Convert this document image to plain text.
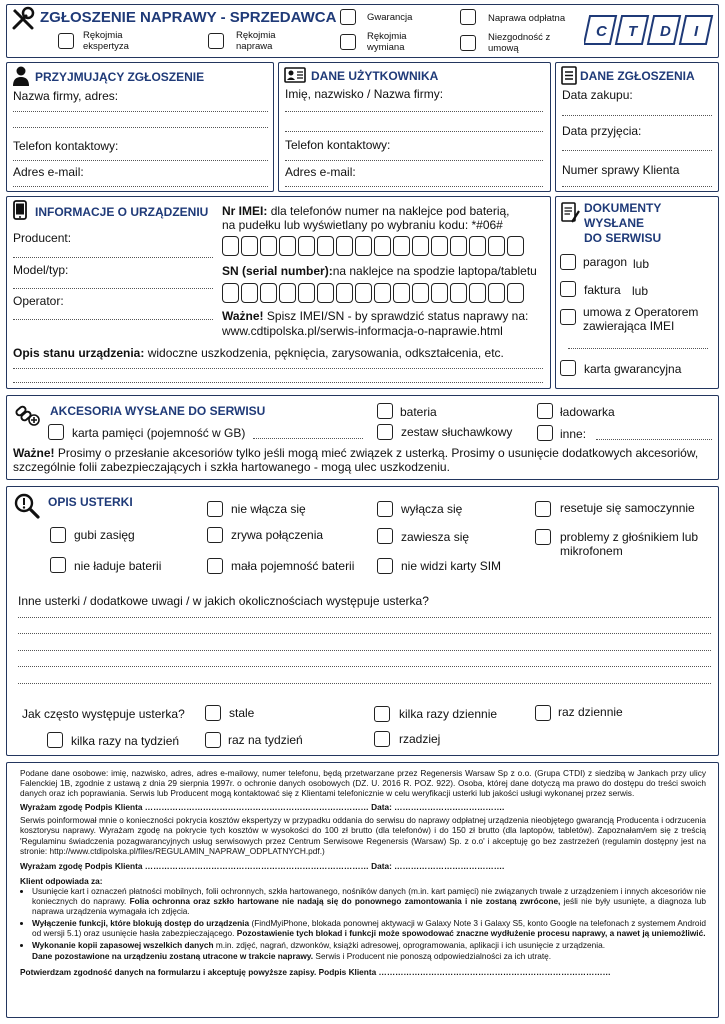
ZGŁOSZENIE NAPRAWY - SPRZEDAWCA
Rękojmia ekspertyza
Rękojmia naprawa
Gwarancja
Rękojmia wymiana
Naprawa odpłatna
Niezgodność z umową
C T D I
PRZYJMUJĄCY ZGŁOSZENIE
Nazwa firmy, adres:
Telefon kontaktowy:
Adres e-mail:
DANE UŻYTKOWNIKA
Imię, nazwisko / Nazwa firmy:
Telefon kontaktowy:
Adres e-mail:
DANE ZGŁOSZENIA
Data zakupu:
Data przyjęcia:
Numer sprawy Klienta
INFORMACJE O URZĄDZENIU
Producent:
Model/typ:
Operator:
Nr IMEI: dla telefonów numer na naklejce pod baterią,
na pudełku lub wyświetlany po wybraniu kodu: *#06#
SN (serial number):na naklejce na spodzie laptopa/tabletu
Ważne! Spisz IMEI/SN - by sprawdzić status naprawy na:
www.cdtipolska.pl/serwis-informacja-o-naprawie.html
Opis stanu urządzenia: widoczne uszkodzenia, pęknięcia, zarysowania, odkształcenia, etc.
DOKUMENTY
WYSŁANE
DO SERWISU
paragon lub
faktura lub
umowa z Operatorem zawierająca IMEI
karta gwarancyjna
AKCESORIA WYSŁANE DO SERWISU	bateria	ładowarka
karta pamięci (pojemność w GB)	zestaw słuchawkowy	inne:
Ważne! Prosimy o przesłanie akcesoriów tylko jeśli mogą mieć związek z usterką. Prosimy o usunięcie dodatkowych akcesoriów, szczególnie folii zabezpieczających i szkła hartowanego - mogą ulec uszkodzeniu.
OPIS USTERKI	nie włącza się	wyłącza się	resetuje się samoczynnie
gubi zasięg	zrywa połączenia	zawiesza się	problemy z głośnikiem lub mikrofonem
nie ładuje baterii	mała pojemność baterii	nie widzi karty SIM
Inne usterki / dodatkowe uwagi / w jakich okolicznościach występuje usterka?
Jak często występuje usterka?	stale	kilka razy dziennie	raz dziennie
kilka razy na tydzień	raz na tydzień	rzadziej

Podane dane osobowe: imię, nazwisko, adres, adres e-mailowy, numer telefonu, będą przetwarzane przez Regenersis Warsaw Sp z o.o. (Grupa CTDI) z siedzibą w Jankach przy ulicy Falenckiej 1B, zgodnie z ustawą z dnia 29 sierpnia 1997r. o ochronie danych osobowych (DZ. U. 2016 R. POZ. 922). Osoba, której dane dotyczą ma prawo do dostępu do treści swoich danych oraz ich poprawiania. Serwis lub Producent mogą kontaktować się z Klientami telefonicznie w celu weryfikacji usterki lub jakości usługi wykonanej przez serwis.

Wyrażam zgodę Podpis Klienta ……………………………………………………………………… Data: ………………………………….

Serwis poinformował mnie o konieczności pokrycia kosztów ekspertyzy w przypadku oddania do serwisu do naprawy odpłatnej urządzenia nieobjętego gwarancją Producenta i odrzucenia kosztorysu naprawy. Wyrażam zgodę na pokrycie tych kosztów w wysokości do 100 zł brutto (dla telefonów) i do 150 zł brutto (dla laptopów, tabletów). Zapoznałam/em się z treścią 'Regulaminu świadczenia pozagwarancyjnych usług serwisowych przez Centrum Serwisowe Regenersis (Warsaw) Sp. z o.o' i akceptuję go bez zastrzeżeń (regulamin dostępny jest na stronie: http://www.ctdipolska.pl/files/REGULAMIN_NAPRAW_ODPLATNYCH.pdf.)

Wyrażam zgodę Podpis Klienta ……………………………………………………………………… Data: ………………………………….

Klient odpowiada za:

• Usunięcie kart i oznaczeń płatności mobilnych, folii ochronnych, szkła hartowanego, nośników danych (m.in. kart pamięci) nie związanych trwale z urządzeniem i innych akcesoriów nie koniecznych do naprawy. Folia ochronna oraz szkło hartowane nie nadają się do ponownego zamontowania i nie zostaną zwrócone, jeśli nie były usunięte, a diagnoza lub naprawa urządzenia wymagała ich zdjęcia.
• Wyłączenie funkcji, które blokują dostęp do urządzenia (FindMyiPhone, blokada ponownej aktywacji w Galaxy Note 3 i Galaxy S5, konto Google na telefonach z systemem Android od wersji 5.1) oraz usunięcie hasła zabezpieczającego. Pozostawienie tych blokad i funkcji może spowodować znaczne wydłużenie procesu naprawy, a nawet ją uniemożliwić.
• Wykonanie kopii zapasowej wszelkich danych m.in. zdjęć, nagrań, dzwonków, książki adresowej, oprogramowania, aplikacji i ich usunięcie z urządzenia.
Dane pozostawione na urządzeniu zostaną utracone w trakcie naprawy. Serwis i Producent nie ponoszą odpowiedzialności za ich utratę.

Potwierdzam zgodność danych na formularzu i akceptuję powyższe zapisy. Podpis Klienta …………………………………………………………………………
